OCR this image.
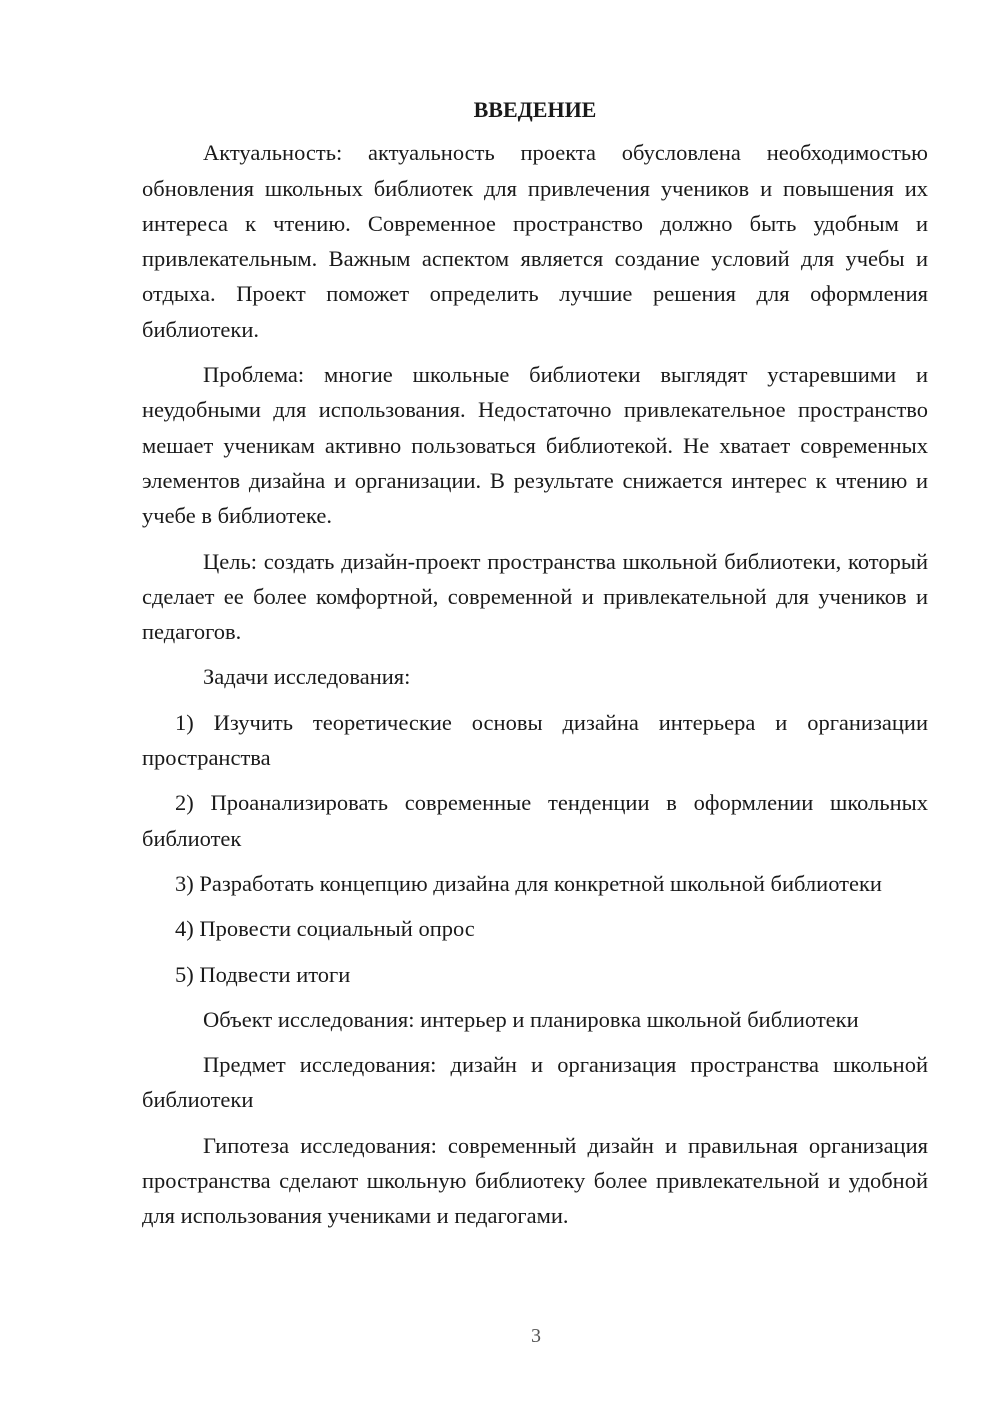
ВВЕДЕНИЕ

Актуальность: актуальность проекта обусловлена необходимостью обновления школьных библиотек для привлечения учеников и повышения их интереса к чтению. Современное пространство должно быть удобным и привлекательным. Важным аспектом является создание условий для учебы и отдыха. Проект поможет определить лучшие решения для оформления библиотеки.

Проблема: многие школьные библиотеки выглядят устаревшими и неудобными для использования. Недостаточно привлекательное пространство мешает ученикам активно пользоваться библиотекой. Не хватает современных элементов дизайна и организации. В результате снижается интерес к чтению и учебе в библиотеке.

Цель: создать дизайн-проект пространства школьной библиотеки, который сделает ее более комфортной, современной и привлекательной для учеников и педагогов.

Задачи исследования:

1) Изучить теоретические основы дизайна интерьера и организации пространства

2) Проанализировать современные тенденции в оформлении школьных библиотек

3) Разработать концепцию дизайна для конкретной школьной библиотеки

4) Провести социальный опрос

5) Подвести итоги

Объект исследования: интерьер и планировка школьной библиотеки

Предмет исследования: дизайн и организация пространства школьной библиотеки

Гипотеза исследования: современный дизайн и правильная организация пространства сделают школьную библиотеку более привлекательной и удобной для использования учениками и педагогами.

3
